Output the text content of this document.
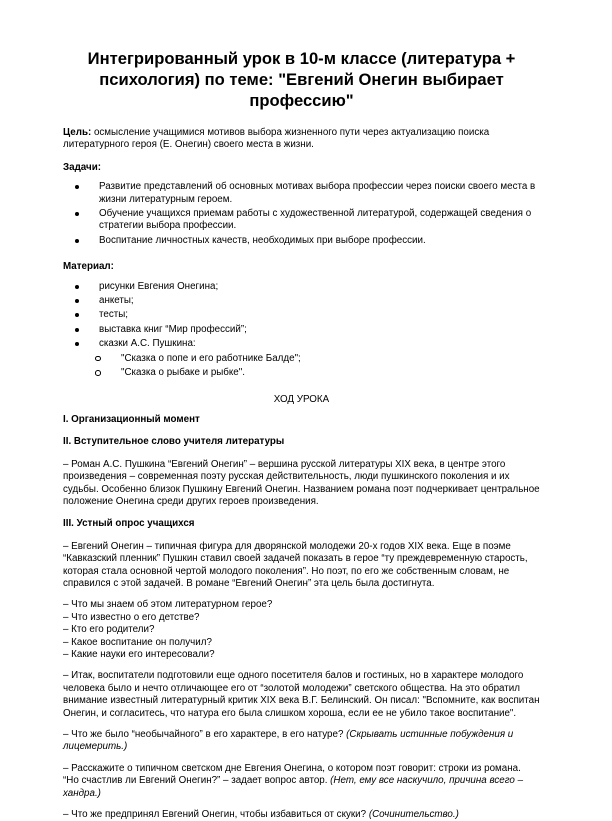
Интегрированный урок в 10-м классе (литература + психология) по теме: "Евгений Онегин выбирает профессию"

Цель: осмысление учащимися мотивов выбора жизненного пути через актуализацию поиска литературного героя (Е. Онегин) своего места в жизни.

Задачи:

Развитие представлений об основных мотивах выбора профессии через поиски своего места в жизни литературным героем.
Обучение учащихся приемам работы с художественной литературой, содержащей сведения о стратегии выбора профессии.
Воспитание личностных качеств, необходимых при выборе профессии.

Материал:

рисунки Евгения Онегина;
анкеты;
тесты;
выставка книг “Мир профессий”;
сказки А.С. Пушкина:
"Сказка о попе и его работнике Балде";
"Сказка о рыбаке и рыбке".

ХОД УРОКА

I. Организационный момент

II. Вступительное слово учителя литературы

– Роман А.С. Пушкина “Евгений Онегин” – вершина русской литературы XIX века, в центре этого произведения – современная поэту русская действительность, люди пушкинского поколения и их судьбы. Особенно близок Пушкину Евгений Онегин. Названием романа поэт подчеркивает центральное положение Онегина среди других героев произведения.

III. Устный опрос учащихся

– Евгений Онегин – типичная фигура для дворянской молодежи 20-х годов XIX века. Еще в поэме “Кавказский пленник” Пушкин ставил своей задачей показать в герое “ту преждевременную старость, которая стала основной чертой молодого поколения”. Но поэт, по его же собственным словам, не справился с этой задачей. В романе “Евгений Онегин” эта цель была достигнута.

– Что мы знаем об этом литературном герое?
– Что известно о его детстве?
– Кто его родители?
– Какое воспитание он получил?
– Какие науки его интересовали?

– Итак, воспитатели подготовили еще одного посетителя балов и гостиных, но в характере молодого человека было и нечто отличающее его от “золотой молодежи” светского общества. На это обратил внимание известный литературный критик XIX века В.Г. Белинский. Он писал: "Вспомните, как воспитан Онегин, и согласитесь, что натура его была слишком хороша, если ее не убило такое воспитание".

– Что же было “необычайного” в его характере, в его натуре? (Скрывать истинные побуждения и лицемерить.)

– Расскажите о типичном светском дне Евгения Онегина, о котором поэт говорит: строки из романа.
“Но счастлив ли Евгений Онегин?” – задает вопрос автор. (Нет, ему все наскучило, причина всего – хандра.)

– Что же предпринял Евгений Онегин, чтобы избавиться от скуки? (Сочинительство.)
